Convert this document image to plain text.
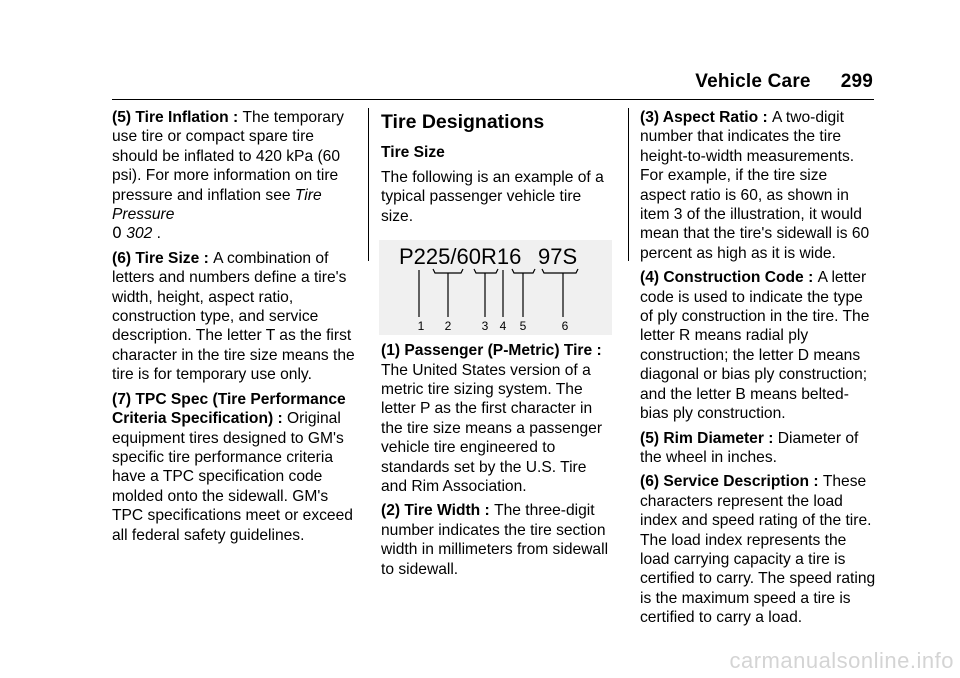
Vehicle Care 299

(5) Tire Inflation : The temporary use tire or compact spare tire should be inflated to 420 kPa (60 psi). For more information on tire pressure and inflation see Tire Pressure
0 302 .

(6) Tire Size : A combination of letters and numbers define a tire's width, height, aspect ratio, construction type, and service description. The letter T as the first character in the tire size means the tire is for temporary use only.

(7) TPC Spec (Tire Performance Criteria Specification) : Original equipment tires designed to GM's specific tire performance criteria have a TPC specification code molded onto the sidewall. GM's TPC specifications meet or exceed all federal safety guidelines.

Tire Designations
Tire Size

The following is an example of a typical passenger vehicle tire size.

P225/60R16 97S
1 2	3 4 5	6

(1) Passenger (P-Metric) Tire : The United States version of a metric tire sizing system. The letter P as the first character in the tire size means a passenger vehicle tire engineered to standards set by the U.S. Tire and Rim Association.

(2) Tire Width : The three-digit number indicates the tire section width in millimeters from sidewall to sidewall.

(3) Aspect Ratio : A two-digit number that indicates the tire height-to-width measurements. For example, if the tire size aspect ratio is 60, as shown in item 3 of the illustration, it would mean that the tire's sidewall is 60 percent as high as it is wide.

(4) Construction Code : A letter code is used to indicate the type of ply construction in the tire. The letter R means radial ply construction; the letter D means diagonal or bias ply construction; and the letter B means belted-bias ply construction.

(5) Rim Diameter : Diameter of the wheel in inches.

(6) Service Description : These characters represent the load index and speed rating of the tire. The load index represents the load carrying capacity a tire is certified to carry. The speed rating is the maximum speed a tire is certified to carry a load.

carmanualsonline.info
